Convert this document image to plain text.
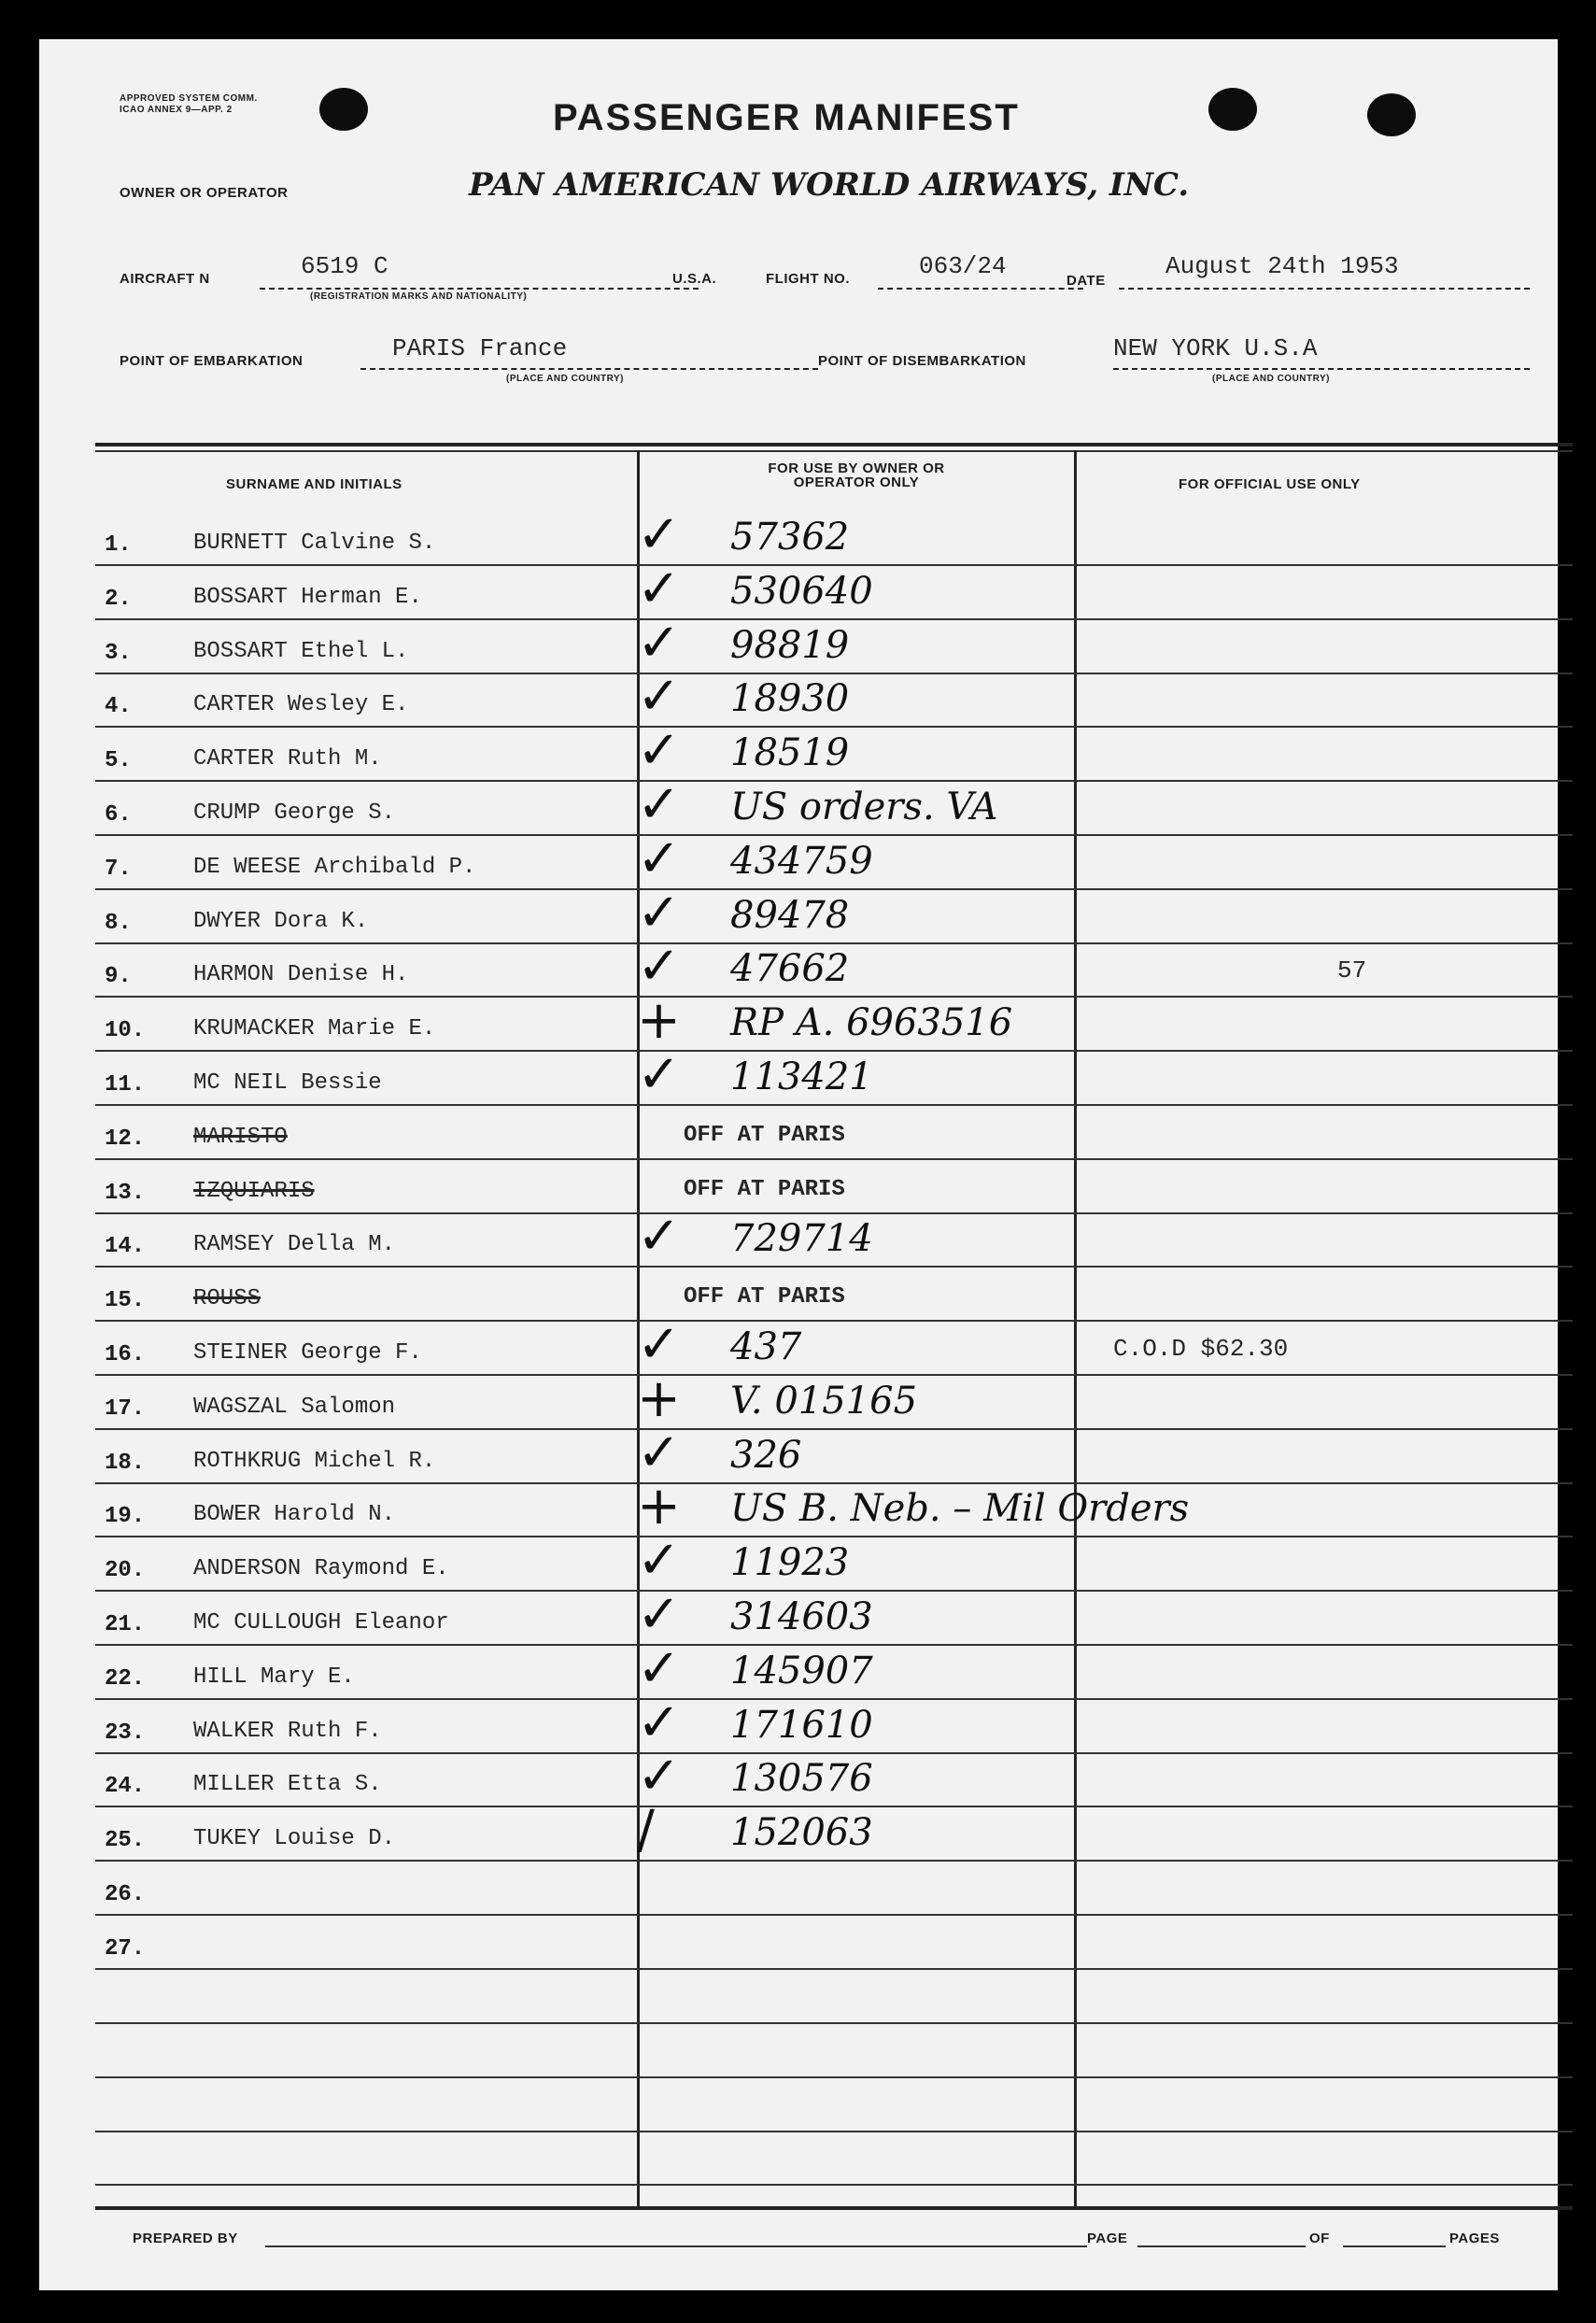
APPROVED SYSTEM COMM. ICAO ANNEX 9—APP. 2	PASSENGER MANIFEST
OWNER OR OPERATOR	PAN AMERICAN WORLD AIRWAYS, INC.
AIRCRAFT N	6519 C
(REGISTRATION MARKS AND NATIONALITY)
U.S.A.	FLIGHT NO.	063/24
DATE
August 24th 1953
POINT OF EMBARKATION	PARIS France
(PLACE AND COUNTRY)
POINT OF DISEMBARKATION	NEW YORK U.S.A
(PLACE AND COUNTRY)
SURNAME AND INITIALS
FOR USE BY OWNER OR OPERATOR ONLY	FOR OFFICIAL USE ONLY
1.	BURNETT Calvine S.	✓ 57362
2.	BOSSART Herman E.	✓ 530640
3.	BOSSART Ethel L.	✓ 98819
4.	CARTER Wesley E.	✓ 18930
5.	CARTER Ruth M.	✓ 18519
6.	CRUMP George S.	✓ US orders. VA
7.	DE WEESE Archibald P.	✓ 434759
8.	DWYER Dora K.	✓ 89478
9.	HARMON Denise H.	✓ 47662	57
10. KRUMACKER Marie E.	+ RP A. 6963516
11. MC NEIL Bessie	✓ 113421
12. MARISTO	OFF AT PARIS
13. IZQUIARIS	OFF AT PARIS
14. RAMSEY Della M.	✓ 729714
15. ROUSS	OFF AT PARIS
16. STEINER George F.	✓ 437	C.O.D $62.30
17. WAGSZAL Salomon	+ V. 015165
18. ROTHKRUG Michel R.	✓ 326
19. BOWER Harold N.	+ US B. Neb. – Mil Orders
20. ANDERSON Raymond E.	✓ 11923
21. MC CULLOUGH Eleanor	✓ 314603
22. HILL Mary E.	✓ 145907
23. WALKER Ruth F.	✓ 171610
24. MILLER Etta S.	✓ 130576
25. TUKEY Louise D.	/ 152063
26.
27.
PREPARED BY	PAGE	OF	PAGES
